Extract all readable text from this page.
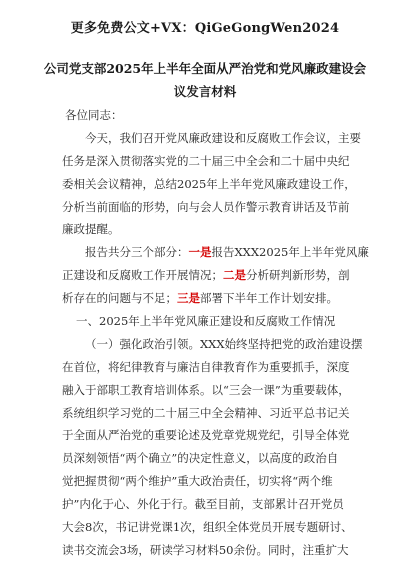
更多免费公文+VX：QiGeGongWen2024
公司党支部2025年上半年全面从严治党和党风廉政建设会
议发言材料
各位同志：
今天，我们召开党风廉政建设和反腐败工作会议，主要
任务是深入贯彻落实党的二十届三中全会和二十届中央纪
委相关会议精神，总结2025年上半年党风廉政建设工作，
分析当前面临的形势，向与会人员作警示教育讲话及节前
廉政提醒。
报告共分三个部分：一是报告XXX2025年上半年党风廉
正建设和反腐败工作开展情况；二是分析研判新形势，剖
析存在的问题与不足；三是部署下半年工作计划安排。
一、2025年上半年党风廉正建设和反腐败工作情况
（一）强化政治引领。XXX始终坚持把党的政治建设摆
在首位，将纪律教育与廉洁自律教育作为重要抓手，深度
融入于部职工教育培训体系。以“三会一课”为重要载体，
系统组织学习党的二十届三中全会精神、习近平总书记关
于全面从严治党的重要论述及党章党规党纪，引导全体党
员深刻领悟“两个确立”的决定性意义，以高度的政治自
觉把握贯彻“两个维护”重大政治责任，切实将“两个维
护”内化于心、外化于行。截至目前，支部累计召开党员
大会8次，书记讲党课1次，组织全体党员开展专题研讨、
读书交流会3场，研读学习材料50余份。同时，注重扩大
